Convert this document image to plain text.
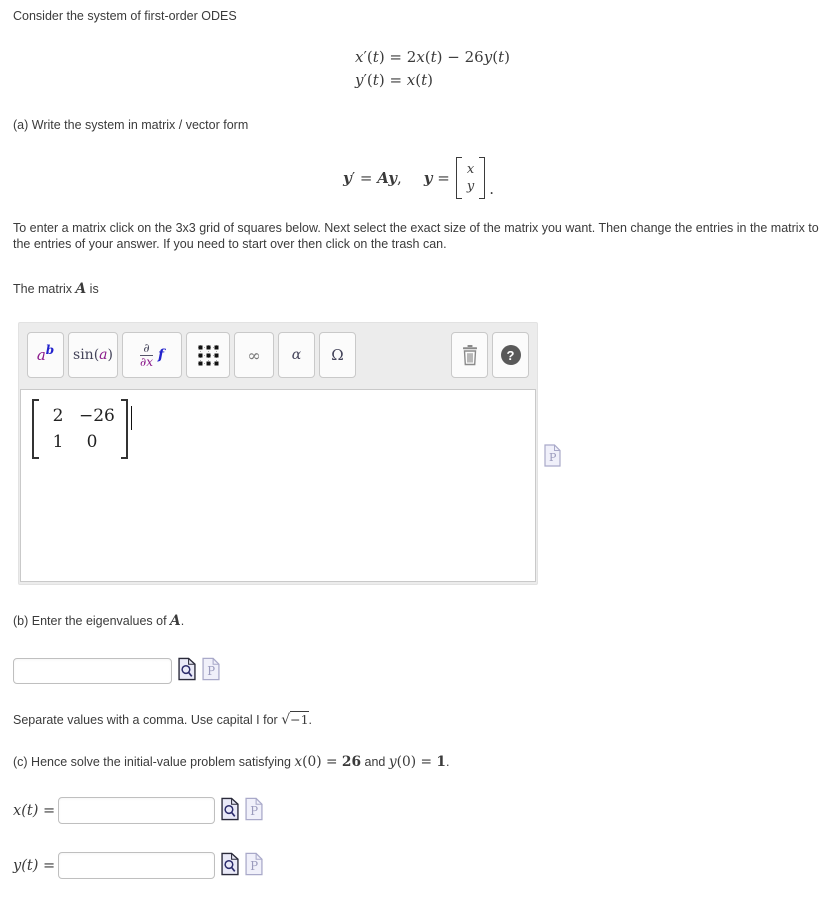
Consider the system of first-order ODES
x′(t) = 2x(t) − 26y(t)
y′(t) = x(t)
(a) Write the system in matrix / vector form
y′ = Ay, y = x
y .
To enter a matrix click on the 3x3 grid of squares below. Next select the exact size of the matrix you want. Then change the entries in the matrix to the entries of your answer. If you need to start over then click on the trash can.
The matrix A is
a b sin( a ) $\frac{\partial}{\partial x}$ f	∞ α Ω	?
2 −26
1	0
P
(b) Enter the eigenvalues of A.
P
Separate values with a comma. Use capital I for √−1.
(c) Hence solve the initial-value problem satisfying x(0) = 26 and y(0) = 1.
x(t) =	P
y(t) =	P
